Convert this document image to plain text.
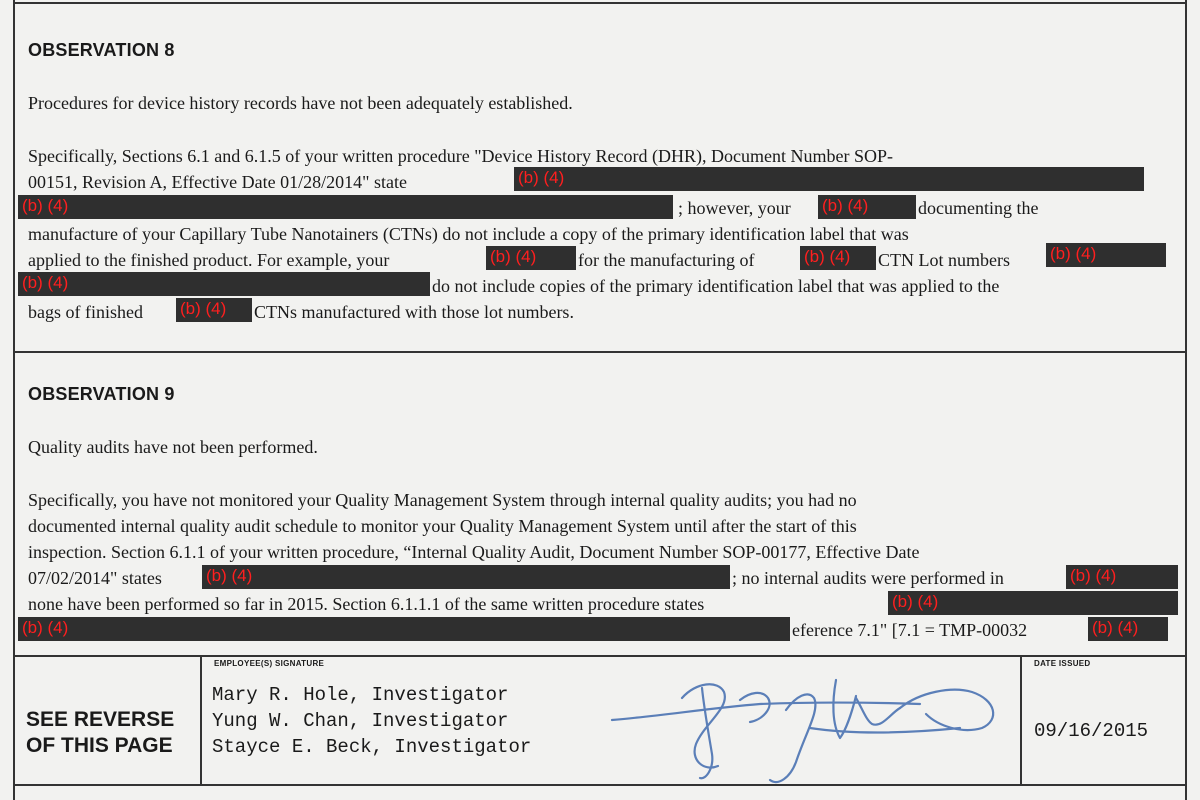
OBSERVATION 8
Procedures for device history records have not been adequately established.
Specifically, Sections 6.1 and 6.1.5 of your written procedure "Device History Record (DHR), Document Number SOP-
00151, Revision A, Effective Date 01/28/2014" state	(b) (4)
(b) (4)	; however, your (b) (4)	documenting the
manufacture of your Capillary Tube Nanotainers (CTNs) do not include a copy of the primary identification label that was
applied to the finished product. For example, your	(b) (4) for the manufacturing of	(b) (4) CTN Lot numbers (b) (4)
(b) (4)	do not include copies of the primary identification label that was applied to the
bags of finished (b) (4) CTNs manufactured with those lot numbers.
OBSERVATION 9
Quality audits have not been performed.
Specifically, you have not monitored your Quality Management System through internal quality audits; you had no
documented internal quality audit schedule to monitor your Quality Management System until after the start of this
inspection. Section 6.1.1 of your written procedure, “Internal Quality Audit, Document Number SOP-00177, Effective Date
07/02/2014" states	(b) (4)	; no internal audits were performed in	(b) (4)
none have been performed so far in 2015. Section 6.1.1.1 of the same written procedure states	(b) (4)
(b) (4)	eference 7.1" [7.1 = TMP-00032	(b) (4)
SEE REVERSE
OF THIS PAGE
EMPLOYEE(S) SIGNATURE	DATE ISSUED
Mary R. Hole, Investigator
Yung W. Chan, Investigator
Stayce E. Beck, Investigator
09/16/2015
